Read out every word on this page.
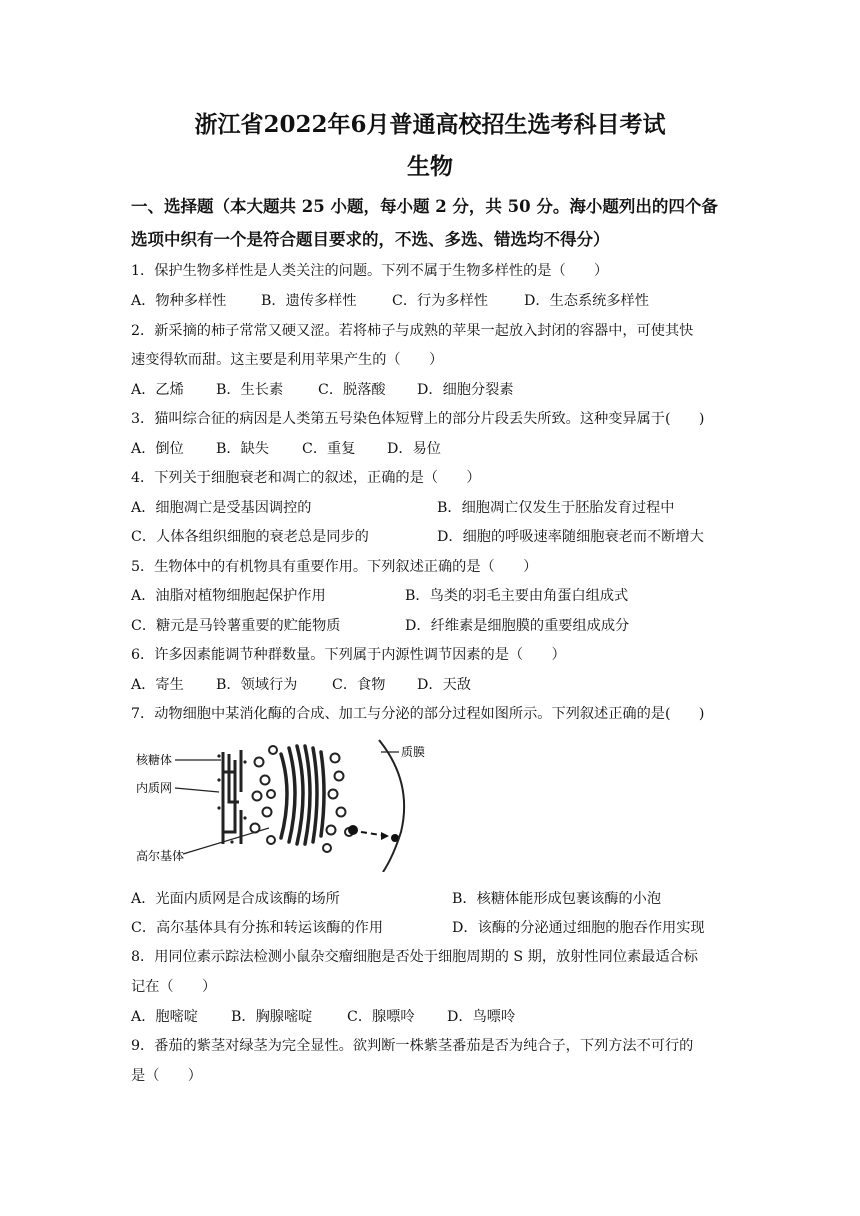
浙江省2022年6月普通高校招生选考科目考试
生物
一、选择题（本大题共 25 小题，每小题 2 分，共 50 分。海小题列出的四个备
选项中织有一个是符合题目要求的，不选、多选、错选均不得分）
1．保护生物多样性是人类关注的问题。下列不属于生物多样性的是（　　）
A．物种多样性 B．遗传多样性 C．行为多样性	D．生态系统多样性
2．新采摘的柿子常常又硬又涩。若将柿子与成熟的苹果一起放入封闭的容器中，可使其快
速变得软而甜。这主要是利用苹果产生的（　　）
A．乙烯 B．生长素 C．脱落酸 D．细胞分裂素
3．猫叫综合征的病因是人类第五号染色体短臂上的部分片段丢失所致。这种变异属于(　　)
A．倒位 B．缺失 C．重复 D．易位
4．下列关于细胞衰老和凋亡的叙述，正确的是（　　）
A．细胞凋亡是受基因调控的	B．细胞凋亡仅发生于胚胎发育过程中
C．人体各组织细胞的衰老总是同步的	D．细胞的呼吸速率随细胞衰老而不断增大
5．生物体中的有机物具有重要作用。下列叙述正确的是（　　）
A．油脂对植物细胞起保护作用	B．鸟类的羽毛主要由角蛋白组成式
C．糖元是马铃薯重要的贮能物质	D．纤维素是细胞膜的重要组成成分
6．许多因素能调节种群数量。下列属于内源性调节因素的是（　　）
A．寄生 B．领域行为 C．食物 D．天敌
7．动物细胞中某消化酶的合成、加工与分泌的部分过程如图所示。下列叙述正确的是(　　)
核糖体
内质网
高尔基体
质膜
A．光面内质网是合成该酶的场所	B．核糖体能形成包裹该酶的小泡
C．高尔基体具有分拣和转运该酶的作用	D．该酶的分泌通过细胞的胞吞作用实现
8．用同位素示踪法检测小鼠杂交瘤细胞是否处于细胞周期的 S 期，放射性同位素最适合标
记在（　　）
A．胞嘧啶 B．胸腺嘧啶 C．腺嘌呤 D．鸟嘌呤
9．番茄的紫茎对绿茎为完全显性。欲判断一株紫茎番茄是否为纯合子，下列方法不可行的
是（　　）
